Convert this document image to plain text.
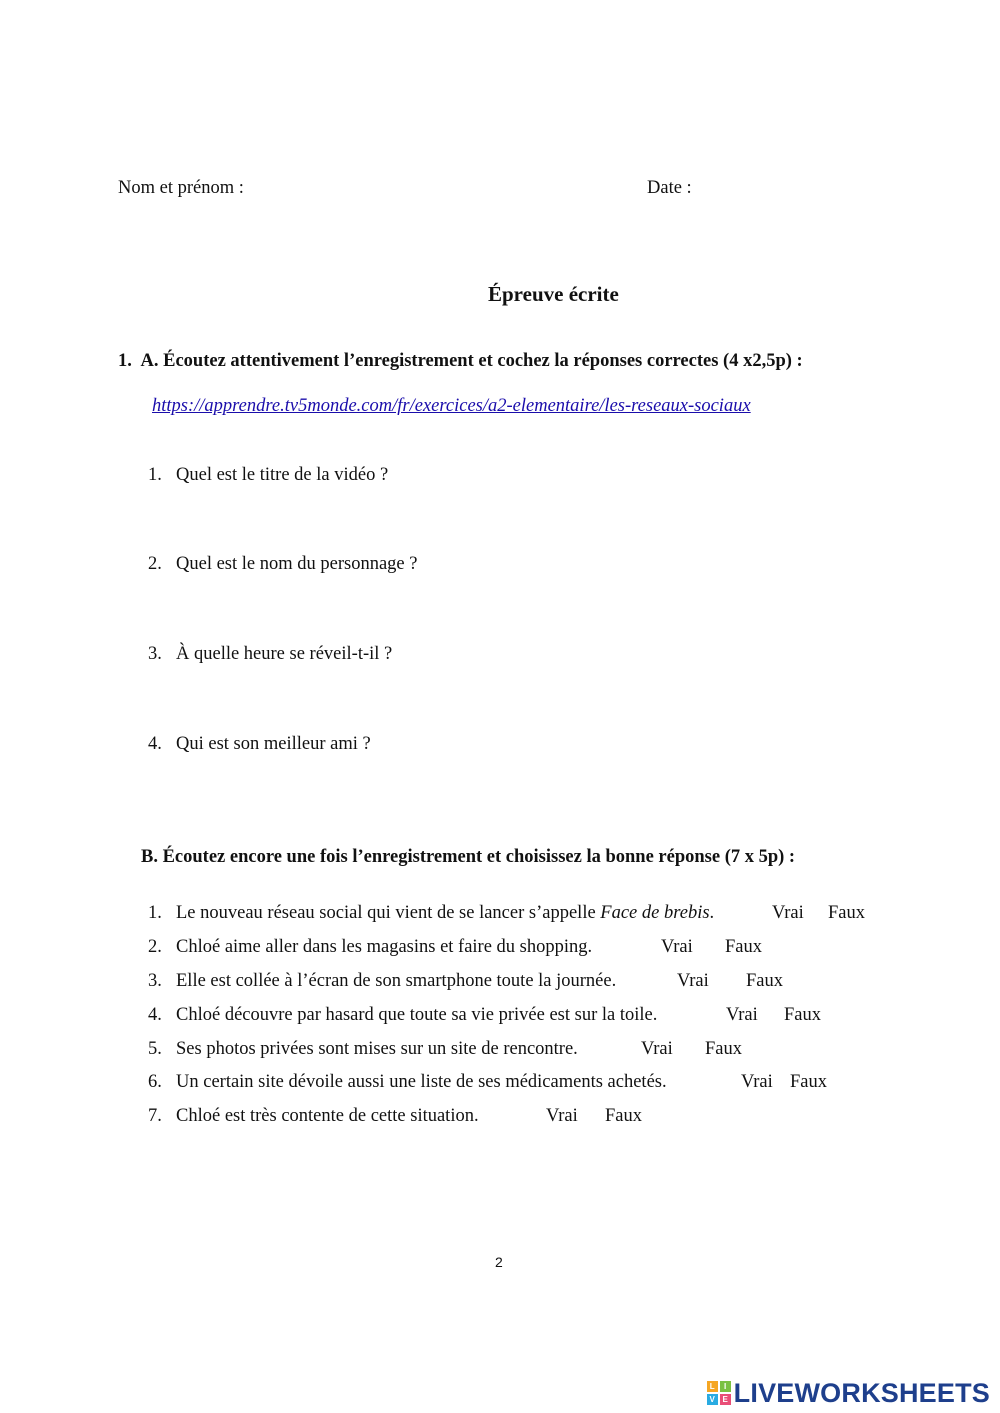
Nom et prénom :	Date :
Épreuve écrite
1. A. Écoutez attentivement l’enregistrement et cochez la réponses correctes (4 x2,5p) :
https://apprendre.tv5monde.com/fr/exercices/a2-elementaire/les-reseaux-sociaux
1. Quel est le titre de la vidéo ?
2. Quel est le nom du personnage ?
3. À quelle heure se réveil-t-il ?
4. Qui est son meilleur ami ?
B. Écoutez encore une fois l’enregistrement et choisissez la bonne réponse (7 x 5p) :
1. Le nouveau réseau social qui vient de se lancer s’appelle Face de brebis.	Vrai Faux
2. Chloé aime aller dans les magasins et faire du shopping.	Vrai Faux
3. Elle est collée à l’écran de son smartphone toute la journée.	Vrai Faux
4. Chloé découvre par hasard que toute sa vie privée est sur la toile.	Vrai Faux
5. Ses photos privées sont mises sur un site de rencontre.	Vrai Faux
6. Un certain site dévoile aussi une liste de ses médicaments achetés.	Vrai Faux
7. Chloé est très contente de cette situation.	Vrai Faux
2
L	I
V E LIVEWORKSHEETS
